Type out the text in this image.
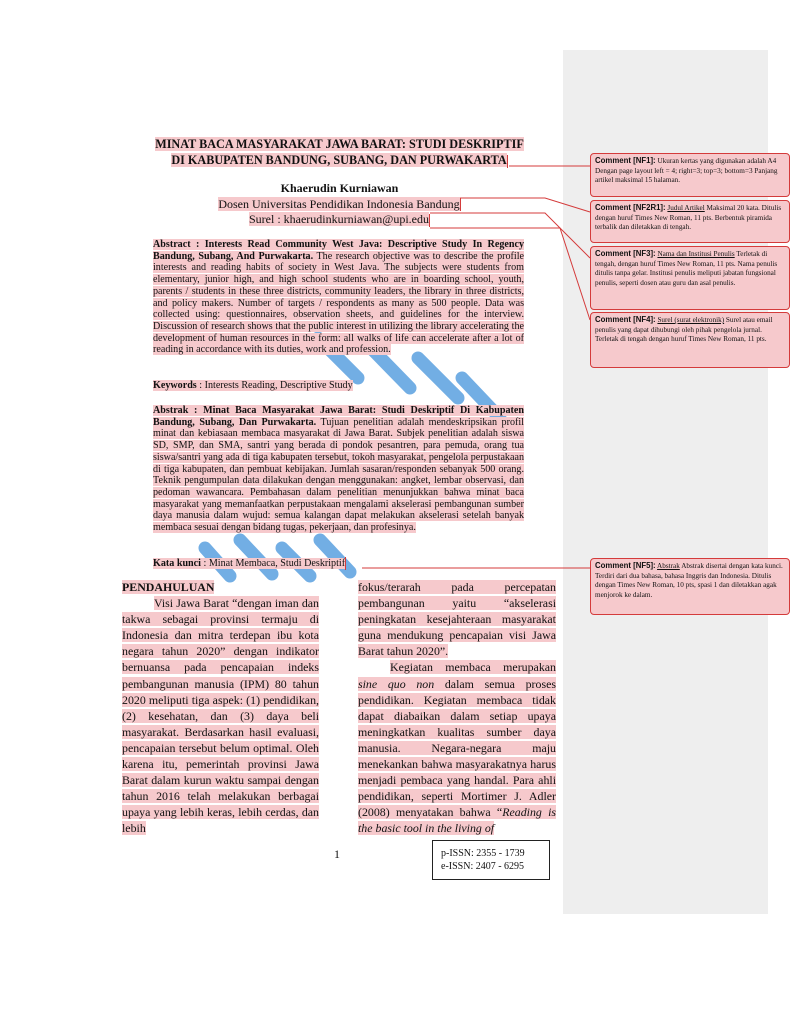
MINAT BACA MASYARAKAT JAWA BARAT: STUDI DESKRIPTIF
DI KABUPATEN BANDUNG, SUBANG, DAN PURWAKARTA
Khaerudin Kurniawan
Dosen Universitas Pendidikan Indonesia Bandung
Surel : khaerudinkurniawan@upi.edu
Abstract : Interests Read Community West Java: Descriptive Study In Regency Bandung, Subang, And Purwakarta. The research objective was to describe the profile interests and reading habits of society in West Java. The subjects were students from elementary, junior high, and high school students who are in boarding school, youth, parents / students in these three districts, community leaders, the library in three districts, and policy makers. Number of targets / respondents as many as 500 people. Data was collected using: questionnaires, observation sheets, and guidelines for the interview. Discussion of research shows that the public interest in utilizing the library accelerating the development of human resources in the form: all walks of life can accelerate after a lot of reading in accordance with its duties, work and profession.
Keywords : Interests Reading, Descriptive Study
Abstrak : Minat Baca Masyarakat Jawa Barat: Studi Deskriptif Di Kabupaten Bandung, Subang, Dan Purwakarta. Tujuan penelitian adalah mendeskripsikan profil minat dan kebiasaan membaca masyarakat di Jawa Barat. Subjek penelitian adalah siswa SD, SMP, dan SMA, santri yang berada di pondok pesantren, para pemuda, orang tua siswa/santri yang ada di tiga kabupaten tersebut, tokoh masyarakat, pengelola perpustakaan di tiga kabupaten, dan pembuat kebijakan. Jumlah sasaran/responden sebanyak 500 orang. Teknik pengumpulan data dilakukan dengan menggunakan: angket, lembar observasi, dan pedoman wawancara. Pembahasan dalam penelitian menunjukkan bahwa minat baca masyarakat yang memanfaatkan perpustakaan mengalami akselerasi pembangunan sumber daya manusia dalam wujud: semua kalangan dapat melakukan akselerasi setelah banyak membaca sesuai dengan bidang tugas, pekerjaan, dan profesinya.
Kata kunci : Minat Membaca, Studi Deskriptif

PENDAHULUAN

Visi Jawa Barat “dengan iman dan takwa sebagai provinsi termaju di Indonesia dan mitra terdepan ibu kota negara tahun 2020” dengan indikator bernuansa pada pencapaian indeks pembangunan manusia (IPM) 80 tahun 2020 meliputi tiga aspek: (1) pendidikan, (2) kesehatan, dan (3) daya beli masyarakat. Berdasarkan hasil evaluasi, pencapaian tersebut belum optimal. Oleh karena itu, pemerintah provinsi Jawa Barat dalam kurun waktu sampai dengan tahun 2016 telah melakukan berbagai upaya yang lebih keras, lebih cerdas, dan lebih

fokus/terarah pada percepatan pembangunan yaitu “akselerasi peningkatan kesejahteraan masyarakat guna mendukung pencapaian visi Jawa Barat tahun 2020”.

Kegiatan membaca merupakan sine quo non dalam semua proses pendidikan. Kegiatan membaca tidak dapat diabaikan dalam setiap upaya meningkatkan kualitas sumber daya manusia. Negara-negara maju menekankan bahwa masyarakatnya harus menjadi pembaca yang handal. Para ahli pendidikan, seperti Mortimer J. Adler (2008) menyatakan bahwa “Reading is the basic tool in the living of

1	p-ISSN: 2355 - 1739
e-ISSN: 2407 - 6295
Comment [NF1]: Ukuran kertas yang digunakan adalah A4 Dengan page layout left = 4; right=3; top=3; bottom=3 Panjang artikel maksimal 15 halaman.
Comment [NF2R1]: Judul Artikel Maksimal 20 kata. Ditulis dengan huruf Times New Roman, 11 pts. Berbentuk piramida terbalik dan diletakkan di tengah.
Comment [NF3]: Nama dan Institusi Penulis Terletak di tengah, dengan huruf Times New Roman, 11 pts. Nama penulis ditulis tanpa gelar. Institusi penulis meliputi jabatan fungsional penulis, seperti dosen atau guru dan asal penulis.
Comment [NF4]: Surel (surat elektronik) Surel atau email penulis yang dapat dihubungi oleh pihak pengelola jurnal. Terletak di tengah dengan huruf Times New Roman, 11 pts.
Comment [NF5]: Abstrak Abstrak disertai dengan kata kunci. Terdiri dari dua bahasa, bahasa Inggris dan Indonesia. Ditulis dengan Times New Roman, 10 pts, spasi 1 dan diletakkan agak menjorok ke dalam.
